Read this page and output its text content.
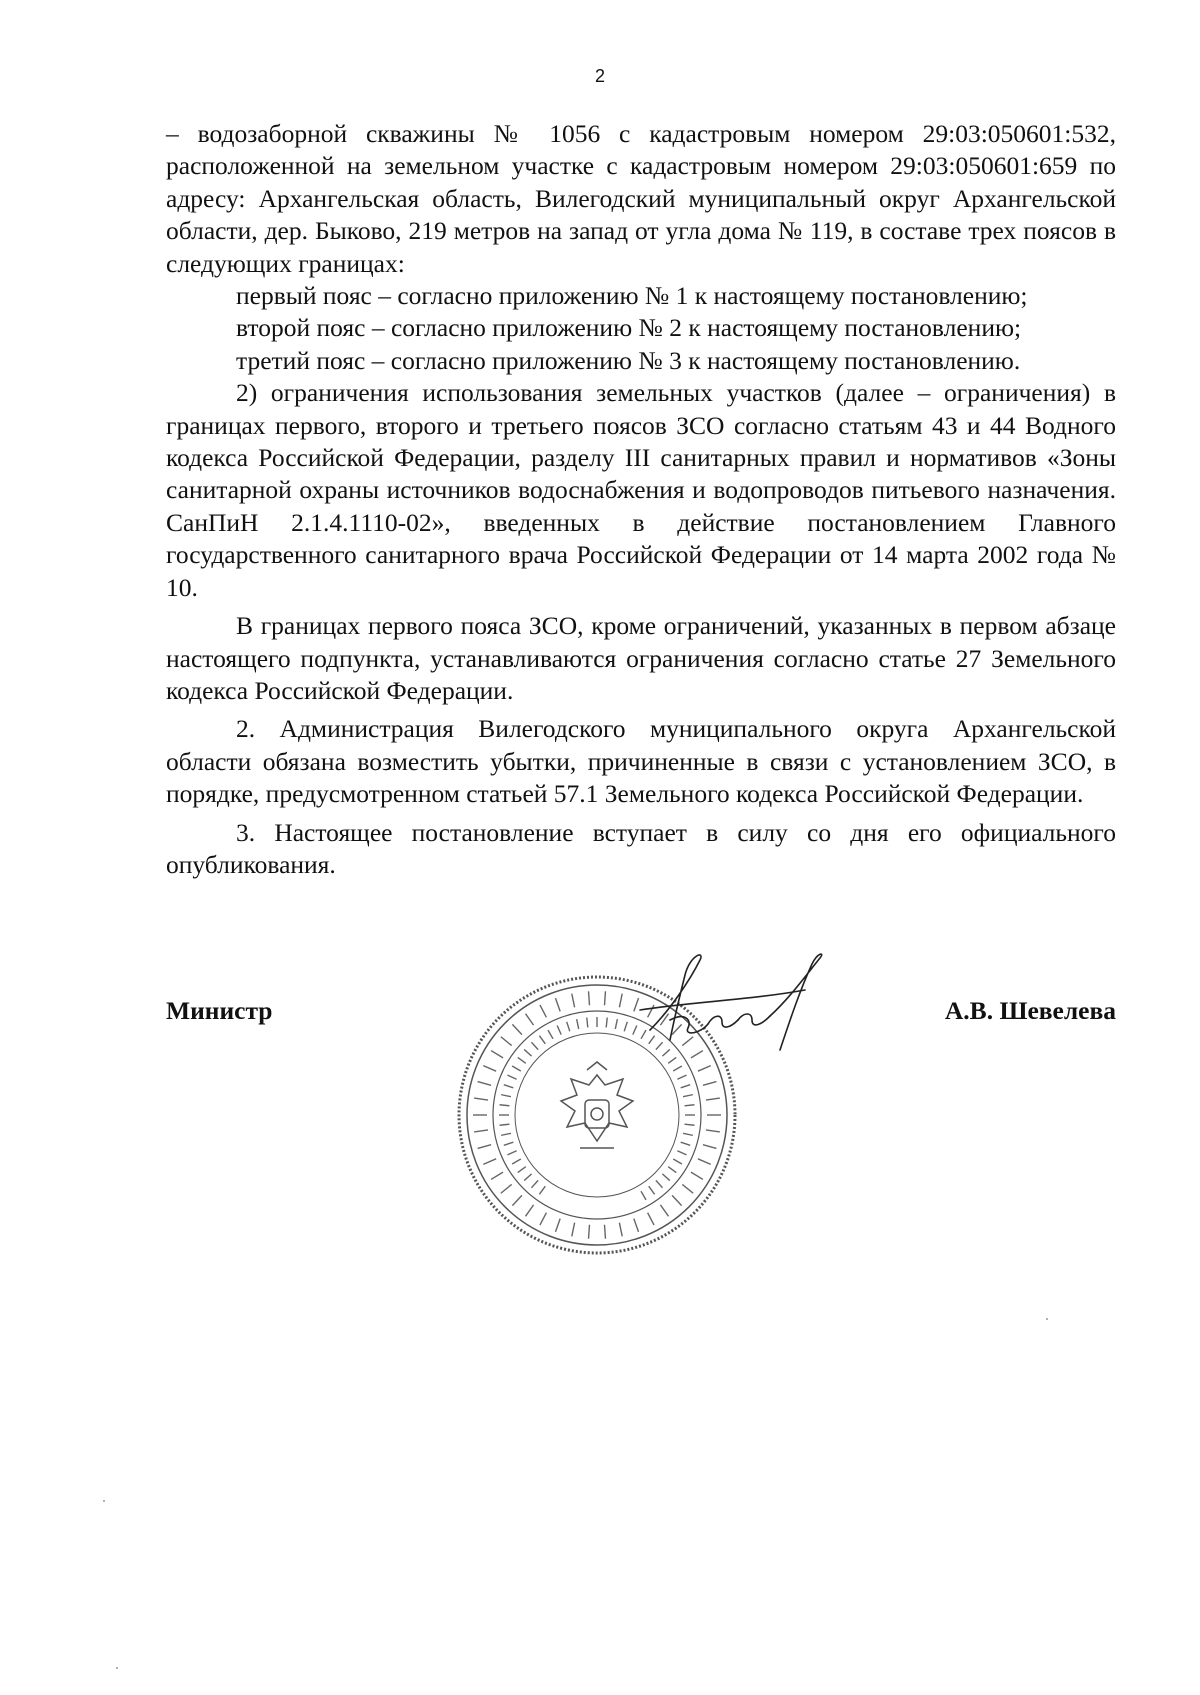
2

– водозаборной скважины № 1056 с кадастровым номером 29:03:050601:532, расположенной на земельном участке с кадастровым номером 29:03:050601:659 по адресу: Архангельская область, Вилегодский муниципальный округ Архангельской области, дер. Быково, 219 метров на запад от угла дома № 119, в составе трех поясов в следующих границах:

первый пояс – согласно приложению № 1 к настоящему постановлению;

второй пояс – согласно приложению № 2 к настоящему постановлению;

третий пояс – согласно приложению № 3 к настоящему постановлению.

2) ограничения использования земельных участков (далее – ограничения) в границах первого, второго и третьего поясов ЗСО согласно статьям 43 и 44 Водного кодекса Российской Федерации, разделу III санитарных правил и нормативов «Зоны санитарной охраны источников водоснабжения и водопроводов питьевого назначения. СанПиН 2.1.4.1110-02», введенных в действие постановлением Главного государственного санитарного врача Российской Федерации от 14 марта 2002 года № 10.

В границах первого пояса ЗСО, кроме ограничений, указанных в первом абзаце настоящего подпункта, устанавливаются ограничения согласно статье 27 Земельного кодекса Российской Федерации.

2. Администрация Вилегодского муниципального округа Архангельской области обязана возместить убытки, причиненные в связи с установлением ЗСО, в порядке, предусмотренном статьей 57.1 Земельного кодекса Российской Федерации.

3. Настоящее постановление вступает в силу со дня его официального опубликования.

Министр	А.В. Шевелева
